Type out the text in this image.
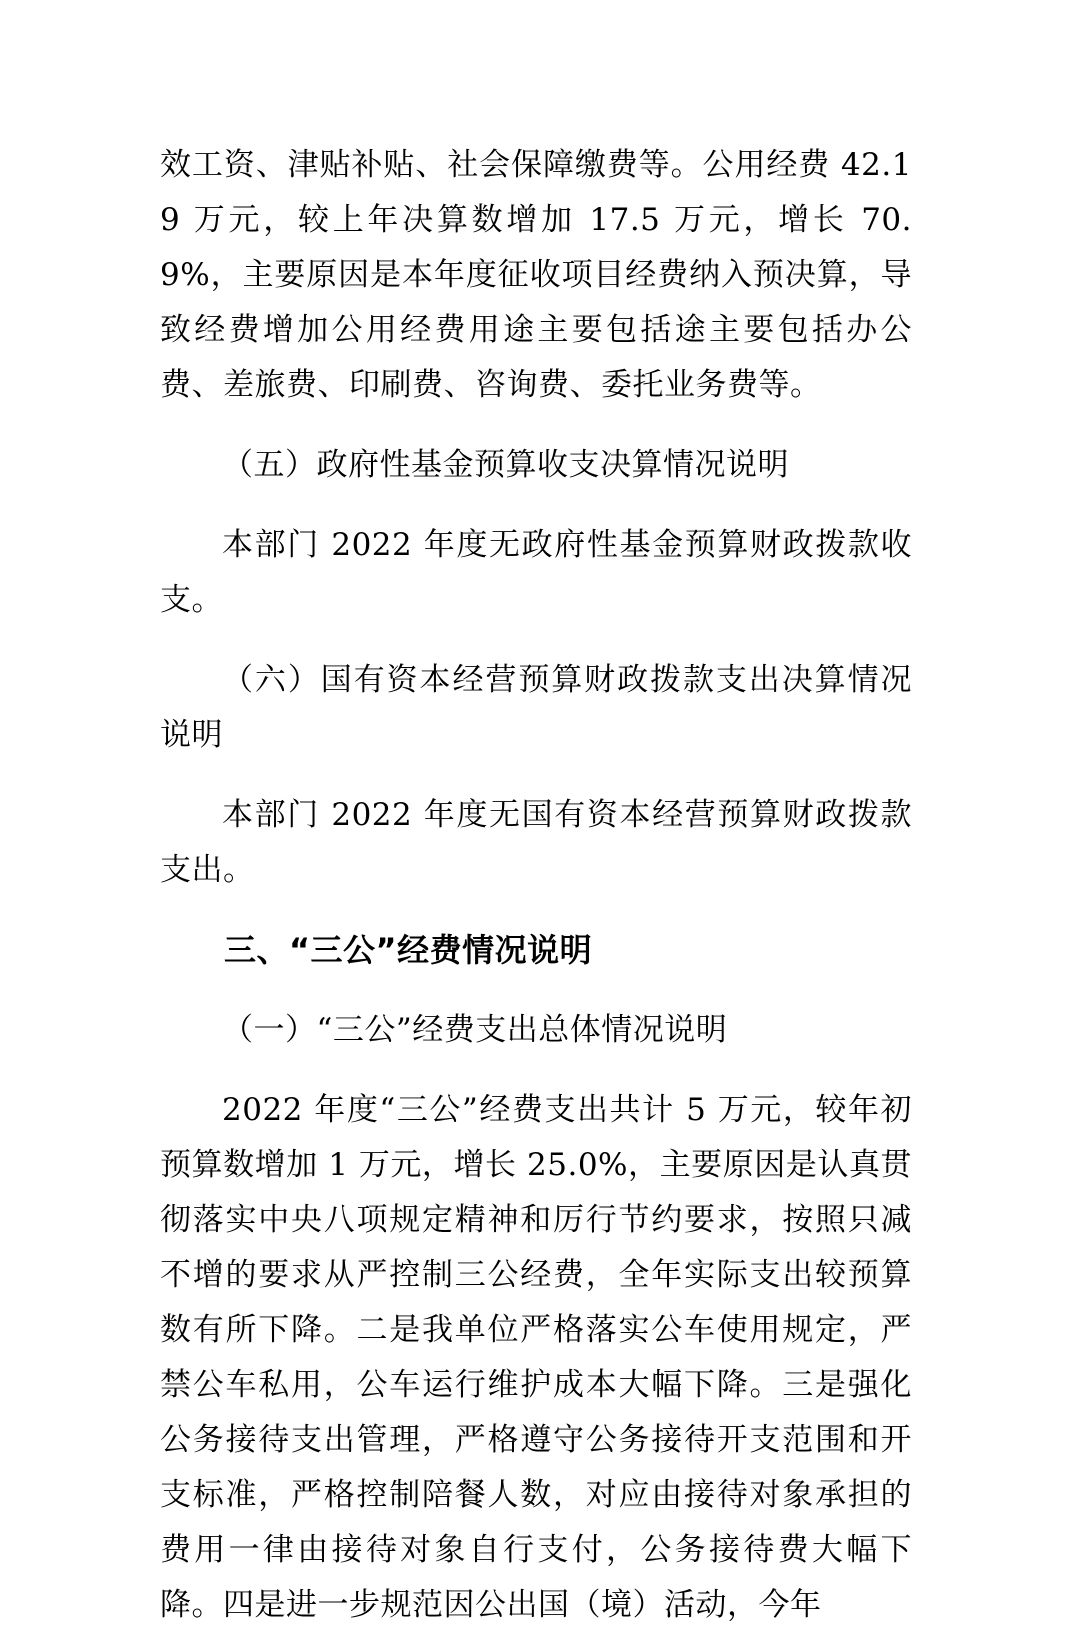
效工资、津贴补贴、社会保障缴费等。公用经费 42.19 万元，较上年决算数增加 17.5 万元，增长 70.9%，主要原因是本年度征收项目经费纳入预决算，导致经费增加公用经费用途主要包括途主要包括办公费、差旅费、印刷费、咨询费、委托业务费等。

（五）政府性基金预算收支决算情况说明

本部门 2022 年度无政府性基金预算财政拨款收支。

（六）国有资本经营预算财政拨款支出决算情况说明

本部门 2022 年度无国有资本经营预算财政拨款支出。

三、“三公”经费情况说明

（一）“三公”经费支出总体情况说明

2022 年度“三公”经费支出共计 5 万元，较年初预算数增加 1 万元，增长 25.0%，主要原因是认真贯彻落实中央八项规定精神和厉行节约要求，按照只减不增的要求从严控制三公经费，全年实际支出较预算数有所下降。二是我单位严格落实公车使用规定，严禁公车私用，公车运行维护成本大幅下降。三是强化公务接待支出管理，严格遵守公务接待开支范围和开支标准，严格控制陪餐人数，对应由接待对象承担的费用一律由接待对象自行支付，公务接待费大幅下降。四是进一步规范因公出国（境）活动，今年
